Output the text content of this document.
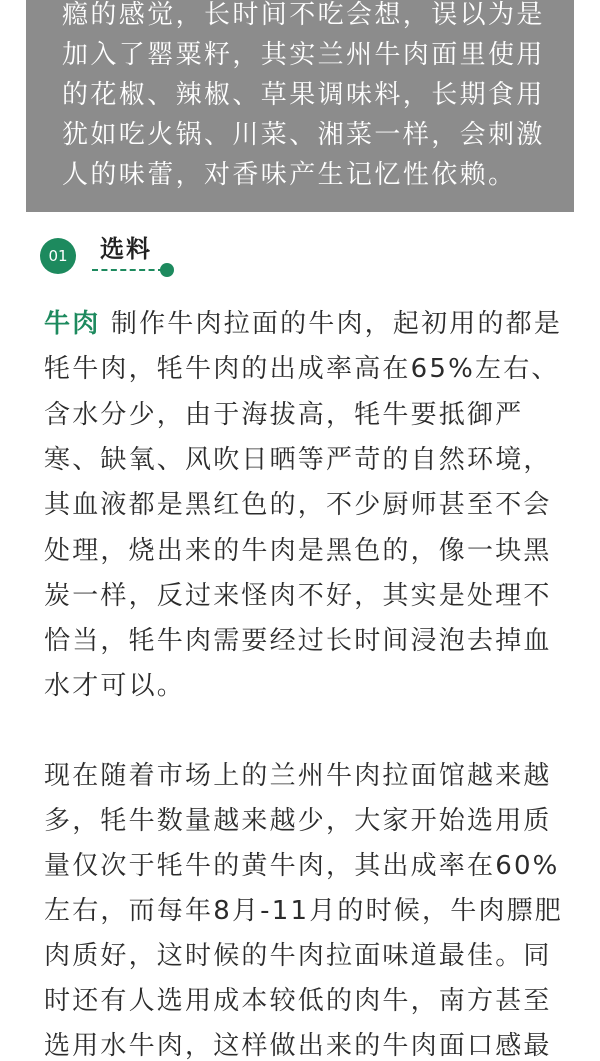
瘾的感觉，长时间不吃会想，误以为是
加入了罂粟籽，其实兰州牛肉面里使用
的花椒、辣椒、草果调味料，长期食用
犹如吃火锅、川菜、湘菜一样，会刺激
人的味蕾，对香味产生记忆性依赖。
01	选料
牛肉 制作牛肉拉面的牛肉，起初用的都是
牦牛肉，牦牛肉的出成率高在65%左右、
含水分少，由于海拔高，牦牛要抵御严
寒、缺氧、风吹日晒等严苛的自然环境，
其血液都是黑红色的，不少厨师甚至不会
处理，烧出来的牛肉是黑色的，像一块黑
炭一样，反过来怪肉不好，其实是处理不
恰当，牦牛肉需要经过长时间浸泡去掉血
水才可以。
现在随着市场上的兰州牛肉拉面馆越来越
多，牦牛数量越来越少，大家开始选用质
量仅次于牦牛的黄牛肉，其出成率在60%
左右，而每年8月-11月的时候，牛肉膘肥
肉质好，这时候的牛肉拉面味道最佳。同
时还有人选用成本较低的肉牛，南方甚至
选用水牛肉，这样做出来的牛肉面口感最
